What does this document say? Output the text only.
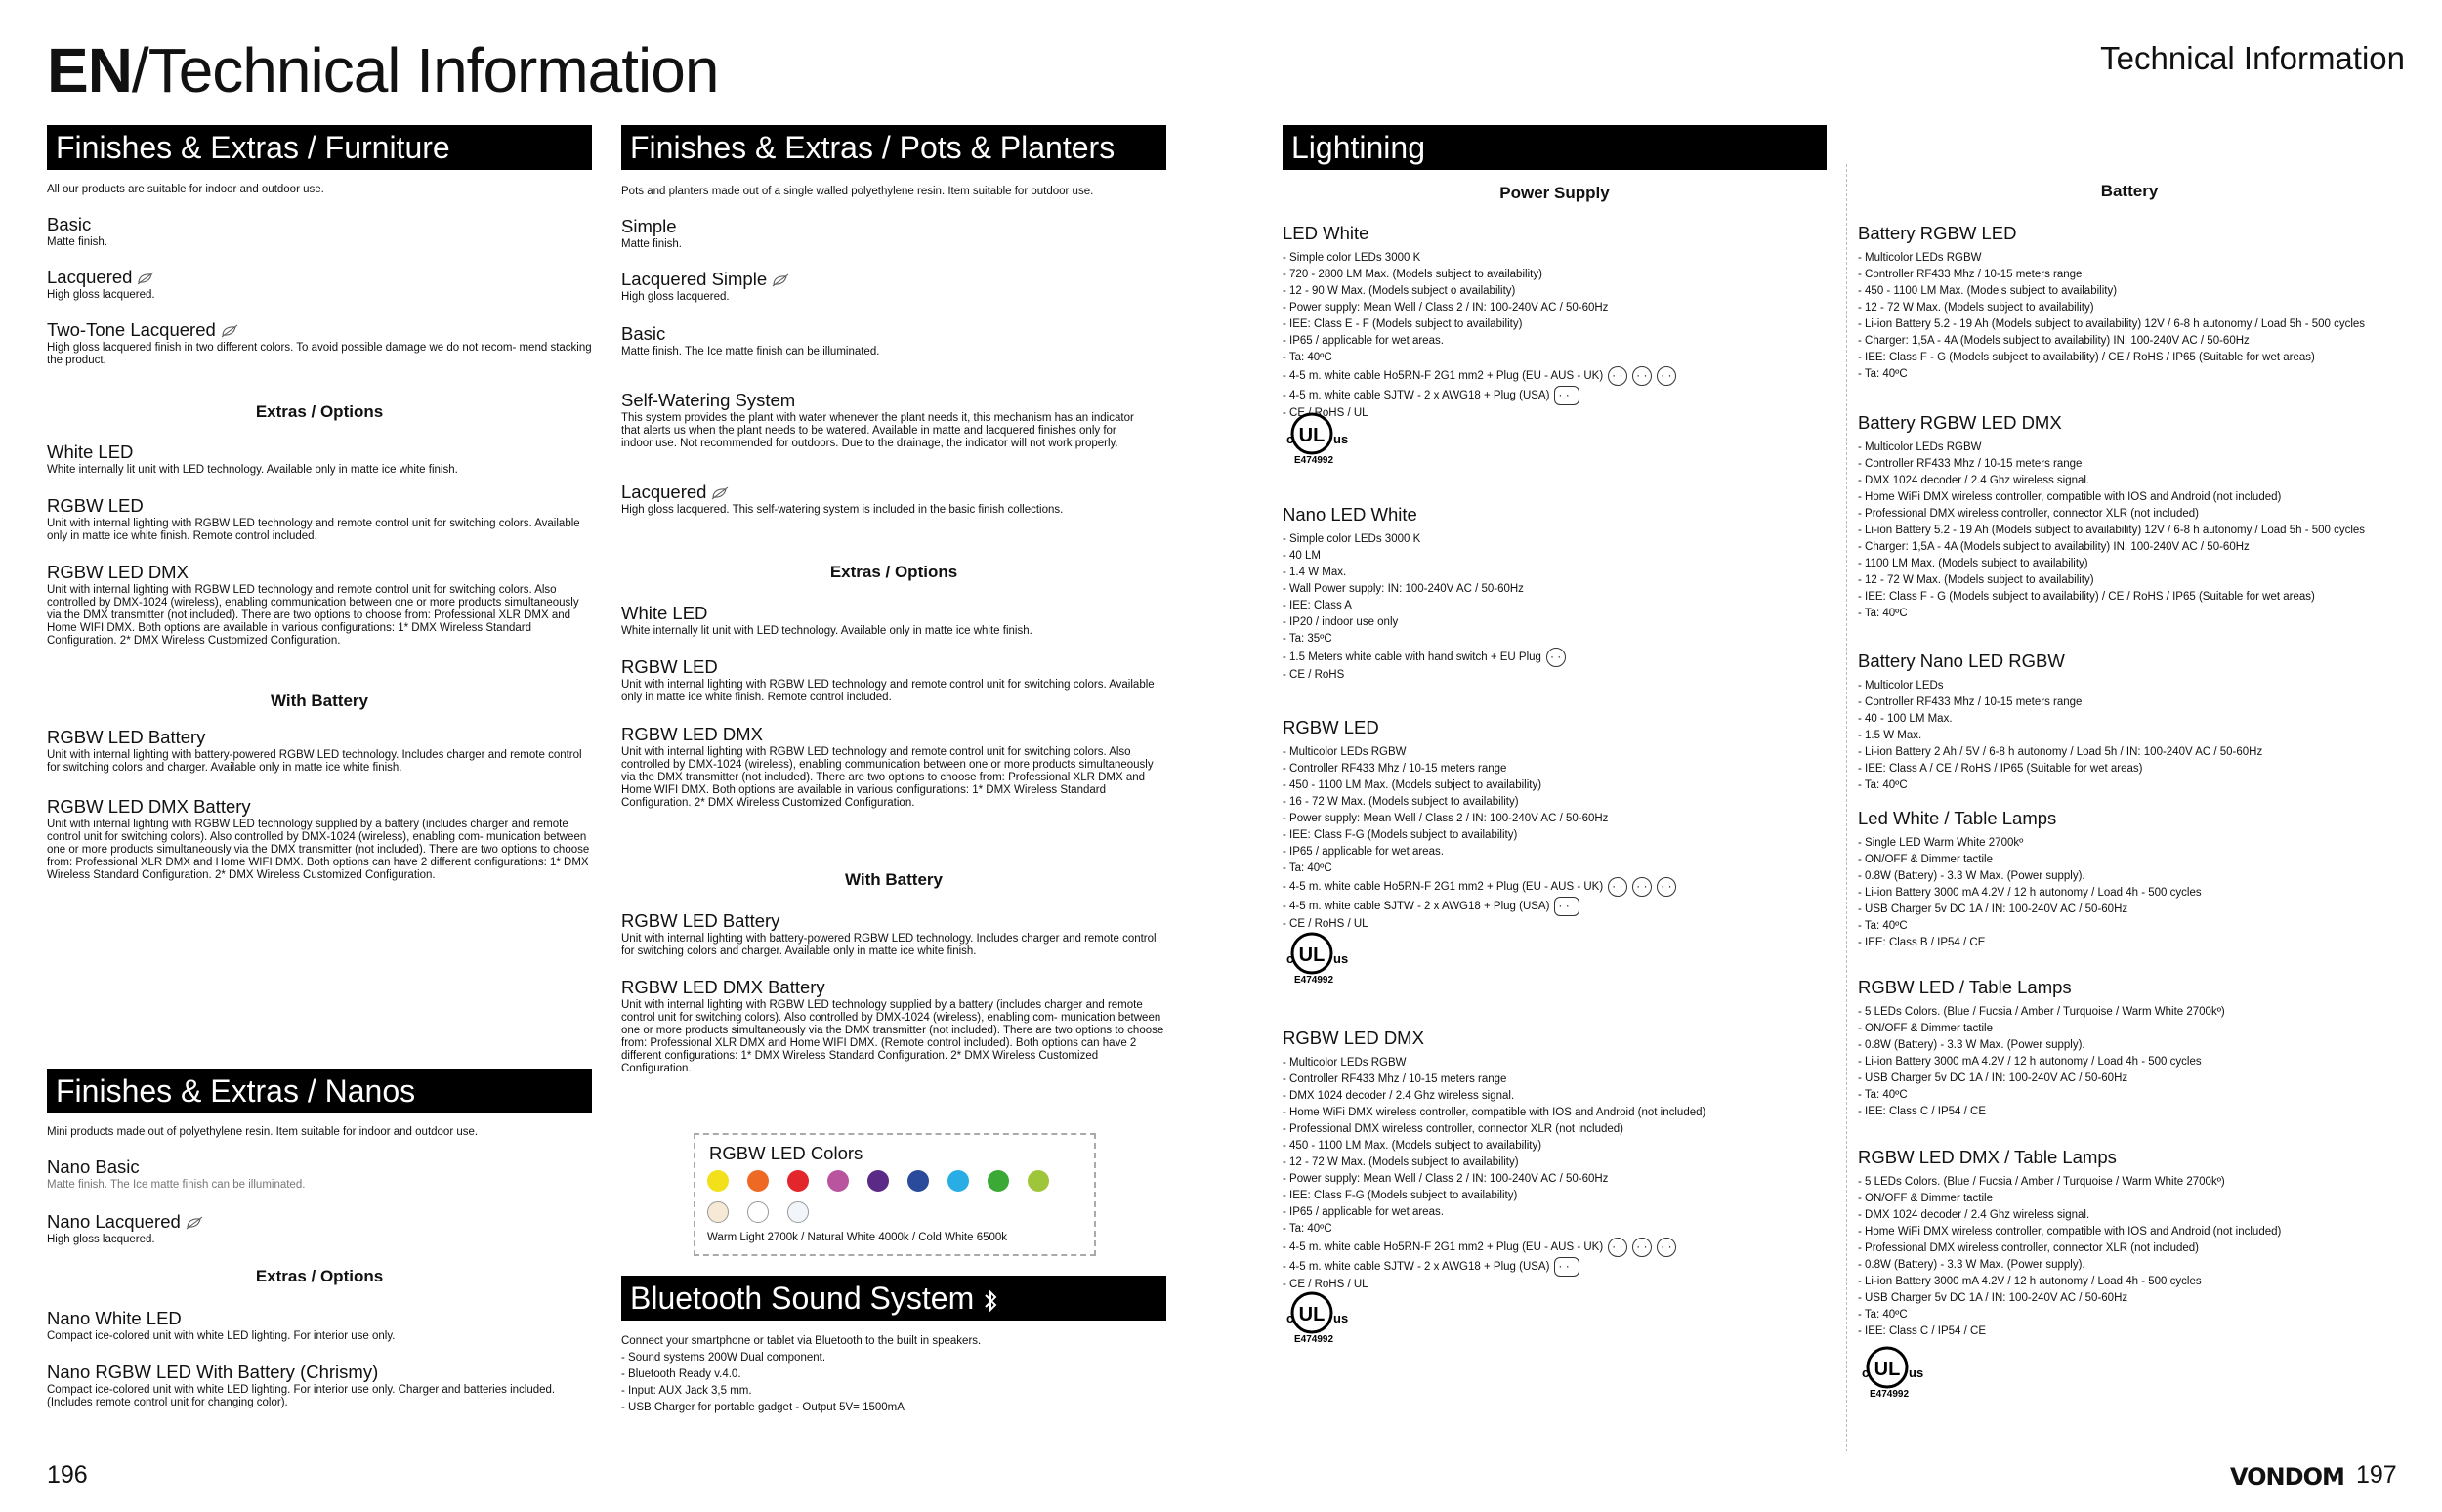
EN/Technical Information	Technical Information
Finishes & Extras / Furniture
All our products are suitable for indoor and outdoor use.
Basic
Matte finish.
Lacquered
High gloss lacquered.
Two-Tone Lacquered
High gloss lacquered finish in two different colors. To avoid possible damage we do not recom- mend stacking the product.
Extras / Options
White LED
White internally lit unit with LED technology. Available only in matte ice white finish.
RGBW LED
Unit with internal lighting with RGBW LED technology and remote control unit for switching colors. Available only in matte ice white finish. Remote control included.
RGBW LED DMX
Unit with internal lighting with RGBW LED technology and remote control unit for switching colors. Also controlled by DMX-1024 (wireless), enabling communication between one or more products simultaneously via the DMX transmitter (not included). There are two options to choose from: Professional XLR DMX and Home WIFI DMX. Both options are available in various configurations: 1* DMX Wireless Standard Configuration. 2* DMX Wireless Customized Configuration.
With Battery
RGBW LED Battery
Unit with internal lighting with battery-powered RGBW LED technology. Includes charger and remote control for switching colors and charger. Available only in matte ice white finish.
RGBW LED DMX Battery
Unit with internal lighting with RGBW LED technology supplied by a battery (includes charger and remote control unit for switching colors). Also controlled by DMX-1024 (wireless), enabling com- munication between one or more products simultaneously via the DMX transmitter (not included). There are two options to choose from: Professional XLR DMX and Home WIFI DMX. Both options can have 2 different configurations: 1* DMX Wireless Standard Configuration. 2* DMX Wireless Customized Configuration.
Finishes & Extras / Nanos
Mini products made out of polyethylene resin. Item suitable for indoor and outdoor use.
Nano Basic
Matte finish. The Ice matte finish can be illuminated.
Nano Lacquered
High gloss lacquered.
Extras / Options
Nano White LED
Compact ice-colored unit with white LED lighting. For interior use only.
Nano RGBW LED With Battery (Chrismy)
Compact ice-colored unit with white LED lighting. For interior use only. Charger and batteries included. (Includes remote control unit for changing color).
Finishes & Extras / Pots & Planters
Pots and planters made out of a single walled polyethylene resin. Item suitable for outdoor use.
Simple
Matte finish.
Lacquered Simple
High gloss lacquered.
Basic
Matte finish. The Ice matte finish can be illuminated.
Self-Watering System
This system provides the plant with water whenever the plant needs it, this mechanism has an indicator that alerts us when the plant needs to be watered. Available in matte and lacquered finishes only for indoor use. Not recommended for outdoors. Due to the drainage, the indicator will not work properly.
Lacquered
High gloss lacquered. This self-watering system is included in the basic finish collections.
Extras / Options
White LED
White internally lit unit with LED technology. Available only in matte ice white finish.
RGBW LED
Unit with internal lighting with RGBW LED technology and remote control unit for switching colors. Available only in matte ice white finish. Remote control included.
RGBW LED DMX
Unit with internal lighting with RGBW LED technology and remote control unit for switching colors. Also controlled by DMX-1024 (wireless), enabling communication between one or more products simultaneously via the DMX transmitter (not included). There are two options to choose from: Professional XLR DMX and Home WIFI DMX. Both options are available in various configurations: 1* DMX Wireless Standard Configuration. 2* DMX Wireless Customized Configuration.
With Battery
RGBW LED Battery
Unit with internal lighting with battery-powered RGBW LED technology. Includes charger and remote control for switching colors and charger. Available only in matte ice white finish.
RGBW LED DMX Battery
Unit with internal lighting with RGBW LED technology supplied by a battery (includes charger and remote control unit for switching colors). Also controlled by DMX-1024 (wireless), enabling com- munication between one or more products simultaneously via the DMX transmitter (not included). There are two options to choose from: Professional XLR DMX and Home WIFI DMX. (Remote control included). Both options can have 2 different configurations: 1* DMX Wireless Standard Configuration. 2* DMX Wireless Customized Configuration.
RGBW LED Colors
Warm Light 2700k / Natural White 4000k / Cold White 6500k
Bluetooth Sound System
Connect your smartphone or tablet via Bluetooth to the built in speakers.
- Sound systems 200W Dual component.
- Bluetooth Ready v.4.0.
- Input: AUX Jack 3,5 mm.
- USB Charger for portable gadget - Output 5V= 1500mA
Lightining
Power Supply	Battery
LED White
- Simple color LEDs 3000 K
- 720 - 2800 LM Max. (Models subject to availability)
- 12 - 90 W Max. (Models subject o availability)
- Power supply: Mean Well / Class 2 / IN: 100-240V AC / 50-60Hz
- IEE: Class E - F (Models subject to availability)
- IP65 / applicable for wet areas.
- Ta: 40ºC
- 4-5 m. white cable Ho5RN-F 2G1 mm2 + Plug (EU - AUS - UK)· ·· ·· ·
- 4-5 m. white cable SJTW - 2 x AWG18 + Plug (USA)· ·
- CE / RoHS / UL
Nano LED White
- Simple color LEDs 3000 K
- 40 LM
- 1.4 W Max.
- Wall Power supply: IN: 100-240V AC / 50-60Hz
- IEE: Class A
- IP20 / indoor use only
- Ta: 35ºC
- 1.5 Meters white cable with hand switch + EU Plug· ·
- CE / RoHS
RGBW LED
- Multicolor LEDs RGBW
- Controller RF433 Mhz / 10-15 meters range
- 450 - 1100 LM Max. (Models subject to availability)
- 16 - 72 W Max. (Models subject to availability)
- Power supply: Mean Well / Class 2 / IN: 100-240V AC / 50-60Hz
- IEE: Class F-G (Models subject to availability)
- IP65 / applicable for wet areas.
- Ta: 40ºC
- 4-5 m. white cable Ho5RN-F 2G1 mm2 + Plug (EU - AUS - UK)· ·· ·· ·
- 4-5 m. white cable SJTW - 2 x AWG18 + Plug (USA)· ·
- CE / RoHS / UL
RGBW LED DMX
- Multicolor LEDs RGBW
- Controller RF433 Mhz / 10-15 meters range
- DMX 1024 decoder / 2.4 Ghz wireless signal.
- Home WiFi DMX wireless controller, compatible with IOS and Android (not included)
- Professional DMX wireless controller, connector XLR (not included)
- 450 - 1100 LM Max. (Models subject to availability)
- 12 - 72 W Max. (Models subject to availability)
- Power supply: Mean Well / Class 2 / IN: 100-240V AC / 50-60Hz
- IEE: Class F-G (Models subject to availability)
- IP65 / applicable for wet areas.
- Ta: 40ºC
- 4-5 m. white cable Ho5RN-F 2G1 mm2 + Plug (EU - AUS - UK)· ·· ·· ·
- 4-5 m. white cable SJTW - 2 x AWG18 + Plug (USA)· ·
- CE / RoHS / UL
Battery RGBW LED
- Multicolor LEDs RGBW
- Controller RF433 Mhz / 10-15 meters range
- 450 - 1100 LM Max. (Models subject to availability)
- 12 - 72 W Max. (Models subject to availability)
- Li-ion Battery 5.2 - 19 Ah (Models subject to availability) 12V / 6-8 h autonomy / Load 5h - 500 cycles
- Charger: 1,5A - 4A (Models subject to availability) IN: 100-240V AC / 50-60Hz
- IEE: Class F - G (Models subject to availability) / CE / RoHS / IP65 (Suitable for wet areas)
- Ta: 40ºC
Battery RGBW LED DMX
- Multicolor LEDs RGBW
- Controller RF433 Mhz / 10-15 meters range
- DMX 1024 decoder / 2.4 Ghz wireless signal.
- Home WiFi DMX wireless controller, compatible with IOS and Android (not included)
- Professional DMX wireless controller, connector XLR (not included)
- Li-ion Battery 5.2 - 19 Ah (Models subject to availability) 12V / 6-8 h autonomy / Load 5h - 500 cycles
- Charger: 1,5A - 4A (Models subject to availability) IN: 100-240V AC / 50-60Hz
- 1100 LM Max. (Models subject to availability)
- 12 - 72 W Max. (Models subject to availability)
- IEE: Class F - G (Models subject to availability) / CE / RoHS / IP65 (Suitable for wet areas)
- Ta: 40ºC
Battery Nano LED RGBW
- Multicolor LEDs
- Controller RF433 Mhz / 10-15 meters range
- 40 - 100 LM Max.
- 1.5 W Max.
- Li-ion Battery 2 Ah / 5V / 6-8 h autonomy / Load 5h / IN: 100-240V AC / 50-60Hz
- IEE: Class A / CE / RoHS / IP65 (Suitable for wet areas)
- Ta: 40ºC
Led White / Table Lamps
- Single LED Warm White 2700kº
- ON/OFF & Dimmer tactile
- 0.8W (Battery) - 3.3 W Max. (Power supply).
- Li-ion Battery 3000 mA 4.2V / 12 h autonomy / Load 4h - 500 cycles
- USB Charger 5v DC 1A / IN: 100-240V AC / 50-60Hz
- Ta: 40ºC
- IEE: Class B / IP54 / CE
RGBW LED / Table Lamps
- 5 LEDs Colors. (Blue / Fucsia / Amber / Turquoise / Warm White 2700kº)
- ON/OFF & Dimmer tactile
- 0.8W (Battery) - 3.3 W Max. (Power supply).
- Li-ion Battery 3000 mA 4.2V / 12 h autonomy / Load 4h - 500 cycles
- USB Charger 5v DC 1A / IN: 100-240V AC / 50-60Hz
- Ta: 40ºC
- IEE: Class C / IP54 / CE
RGBW LED DMX / Table Lamps
- 5 LEDs Colors. (Blue / Fucsia / Amber / Turquoise / Warm White 2700kº)
- ON/OFF & Dimmer tactile
- DMX 1024 decoder / 2.4 Ghz wireless signal.
- Home WiFi DMX wireless controller, compatible with IOS and Android (not included)
- Professional DMX wireless controller, connector XLR (not included)
- 0.8W (Battery) - 3.3 W Max. (Power supply).
- Li-ion Battery 3000 mA 4.2V / 12 h autonomy / Load 4h - 500 cycles
- USB Charger 5v DC 1A / IN: 100-240V AC / 50-60Hz
- Ta: 40ºC
- IEE: Class C / IP54 / CE
UL
c	us
E474992
UL
c	us
E474992
UL
c	us
E474992
UL
c	us
E474992
196	VONDOM 197
